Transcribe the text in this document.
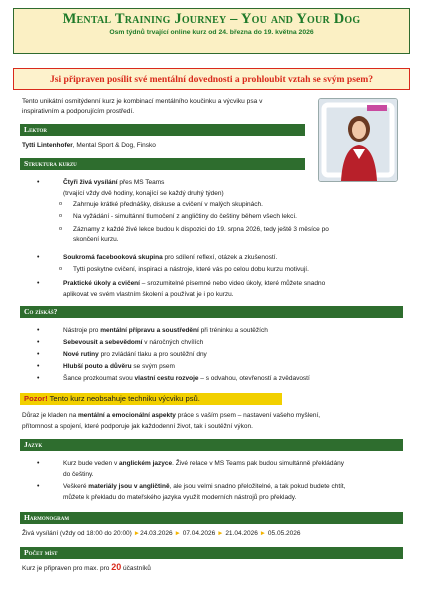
Mental Training Journey – You and Your Dog
Osm týdnů trvající online kurz od 24. března do 19. května 2026
Jsi připraven posílit své mentální dovednosti a prohloubit vztah se svým psem?
Tento unikátní osmitýdenní kurz je kombinací mentálního koučinku a výcviku psa v inspirativním a podporujícím prostředí.
Lektor
Tytti Lintenhofer, Mental Sport & Dog, Finsko
Struktura kurzu
•	Čtyři živá vysílání přes MS Teams
(trvající vždy dvě hodiny, konající se každý druhý týden)
o Zahrnuje krátké přednášky, diskuse a cvičení v malých skupinách.
o Na vyžádání - simultánní tlumočení z angličtiny do češtiny během všech lekcí.
o Záznamy z každé živé lekce budou k dispozici do 19. srpna 2026, tedy ještě 3 měsíce po
skončení kurzu.
•	Soukromá facebooková skupina pro sdílení reflexí, otázek a zkušeností.
o Tytti poskytne cvičení, inspiraci a nástroje, které vás po celou dobu kurzu motivují.
•	Praktické úkoly a cvičení – srozumitelné písemné nebo video úkoly, které můžete snadno
aplikovat ve svém vlastním školení a používat je i po kurzu.
Co získáš?
•	Nástroje pro mentální přípravu a soustředění při tréninku a soutěžích
•	Sebevousit a sebevědomí v náročných chvílích
•	Nové rutiny pro zvládání tlaku a pro soutěžní dny
•	Hlubší pouto a důvěru se svým psem
•	Šance prozkoumat svou vlastní cestu rozvoje – s odvahou, otevřeností a zvědavostí
Pozor! Tento kurz neobsahuje techniku výcviku psů.
Důraz je kladen na mentální a emocionální aspekty práce s vaším psem – nastavení vašeho myšlení,
přítomnost a spojení, které podporuje jak každodenní život, tak i soutěžní výkon.
Jazyk
•	Kurz bude veden v anglickém jazyce. Živé relace v MS Teams pak budou simultánně překládány
do češtiny.
•	Veškeré materiály jsou v angličtině, ale jsou velmi snadno přeložitelné, a tak pokud budete chtít,
můžete k překladu do mateřského jazyka využít moderních nástrojů pro překlady.
Harmonogram
Živá vysílání (vždy od 18:00 do 20:00) ►24.03.2026 ► 07.04.2026 ► 21.04.2026 ► 05.05.2026
Počet míst
Kurz je připraven pro max. pro 20 účastníků
